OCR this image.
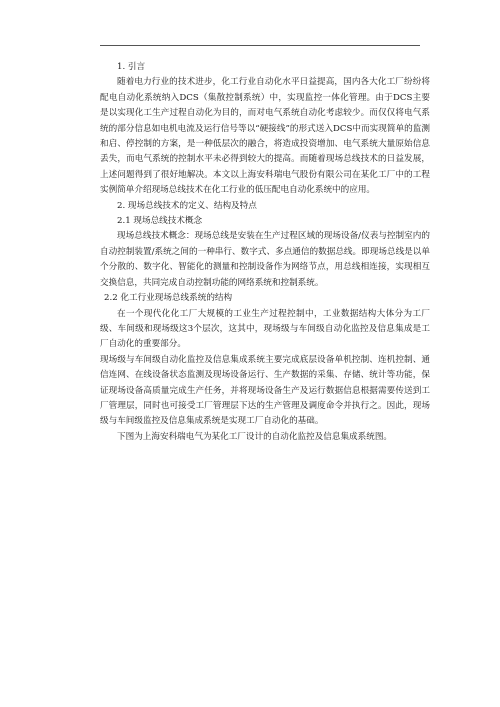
1. 引言

随着电力行业的技术进步，化工行业自动化水平日益提高，国内各大化工厂纷纷将配电自动化系统纳入DCS（集散控制系统）中，实现监控一体化管理。由于DCS主要是以实现化工生产过程自动化为目的，而对电气系统自动化考虑较少。而仅仅将电气系统的部分信息如电机电流及运行信号等以“硬接线”的形式送入DCS中而实现简单的监测和启、停控制的方案，是一种低层次的融合，将造成投资增加、电气系统大量原始信息丢失，而电气系统的控制水平未必得到较大的提高。而随着现场总线技术的日益发展，上述问题得到了很好地解决。本文以上海安科瑞电气股份有限公司在某化工厂中的工程实例简单介绍现场总线技术在化工行业的低压配电自动化系统中的应用。

2. 现场总线技术的定义、结构及特点
2.1 现场总线技术概念

现场总线技术概念：现场总线是安装在生产过程区域的现场设备/仪表与控制室内的自动控制装置/系统之间的一种串行、数字式、多点通信的数据总线。即现场总线是以单个分散的、数字化、智能化的测量和控制设备作为网络节点，用总线相连接，实现相互交换信息，共同完成自动控制功能的网络系统和控制系统。

2.2 化工行业现场总线系统的结构

在一个现代化化工厂大规模的工业生产过程控制中，工业数据结构大体分为工厂级、车间级和现场级这3个层次，这其中，现场级与车间级自动化监控及信息集成是工厂自动化的重要部分。

现场级与车间级自动化监控及信息集成系统主要完成底层设备单机控制、连机控制、通信连网、在线设备状态监测及现场设备运行、生产数据的采集、存储、统计等功能，保证现场设备高质量完成生产任务，并将现场设备生产及运行数据信息根据需要传送到工厂管理层，同时也可接受工厂管理层下达的生产管理及调度命令并执行之。因此，现场级与车间级监控及信息集成系统是实现工厂自动化的基础。

下图为上海安科瑞电气为某化工厂设计的自动化监控及信息集成系统图。
